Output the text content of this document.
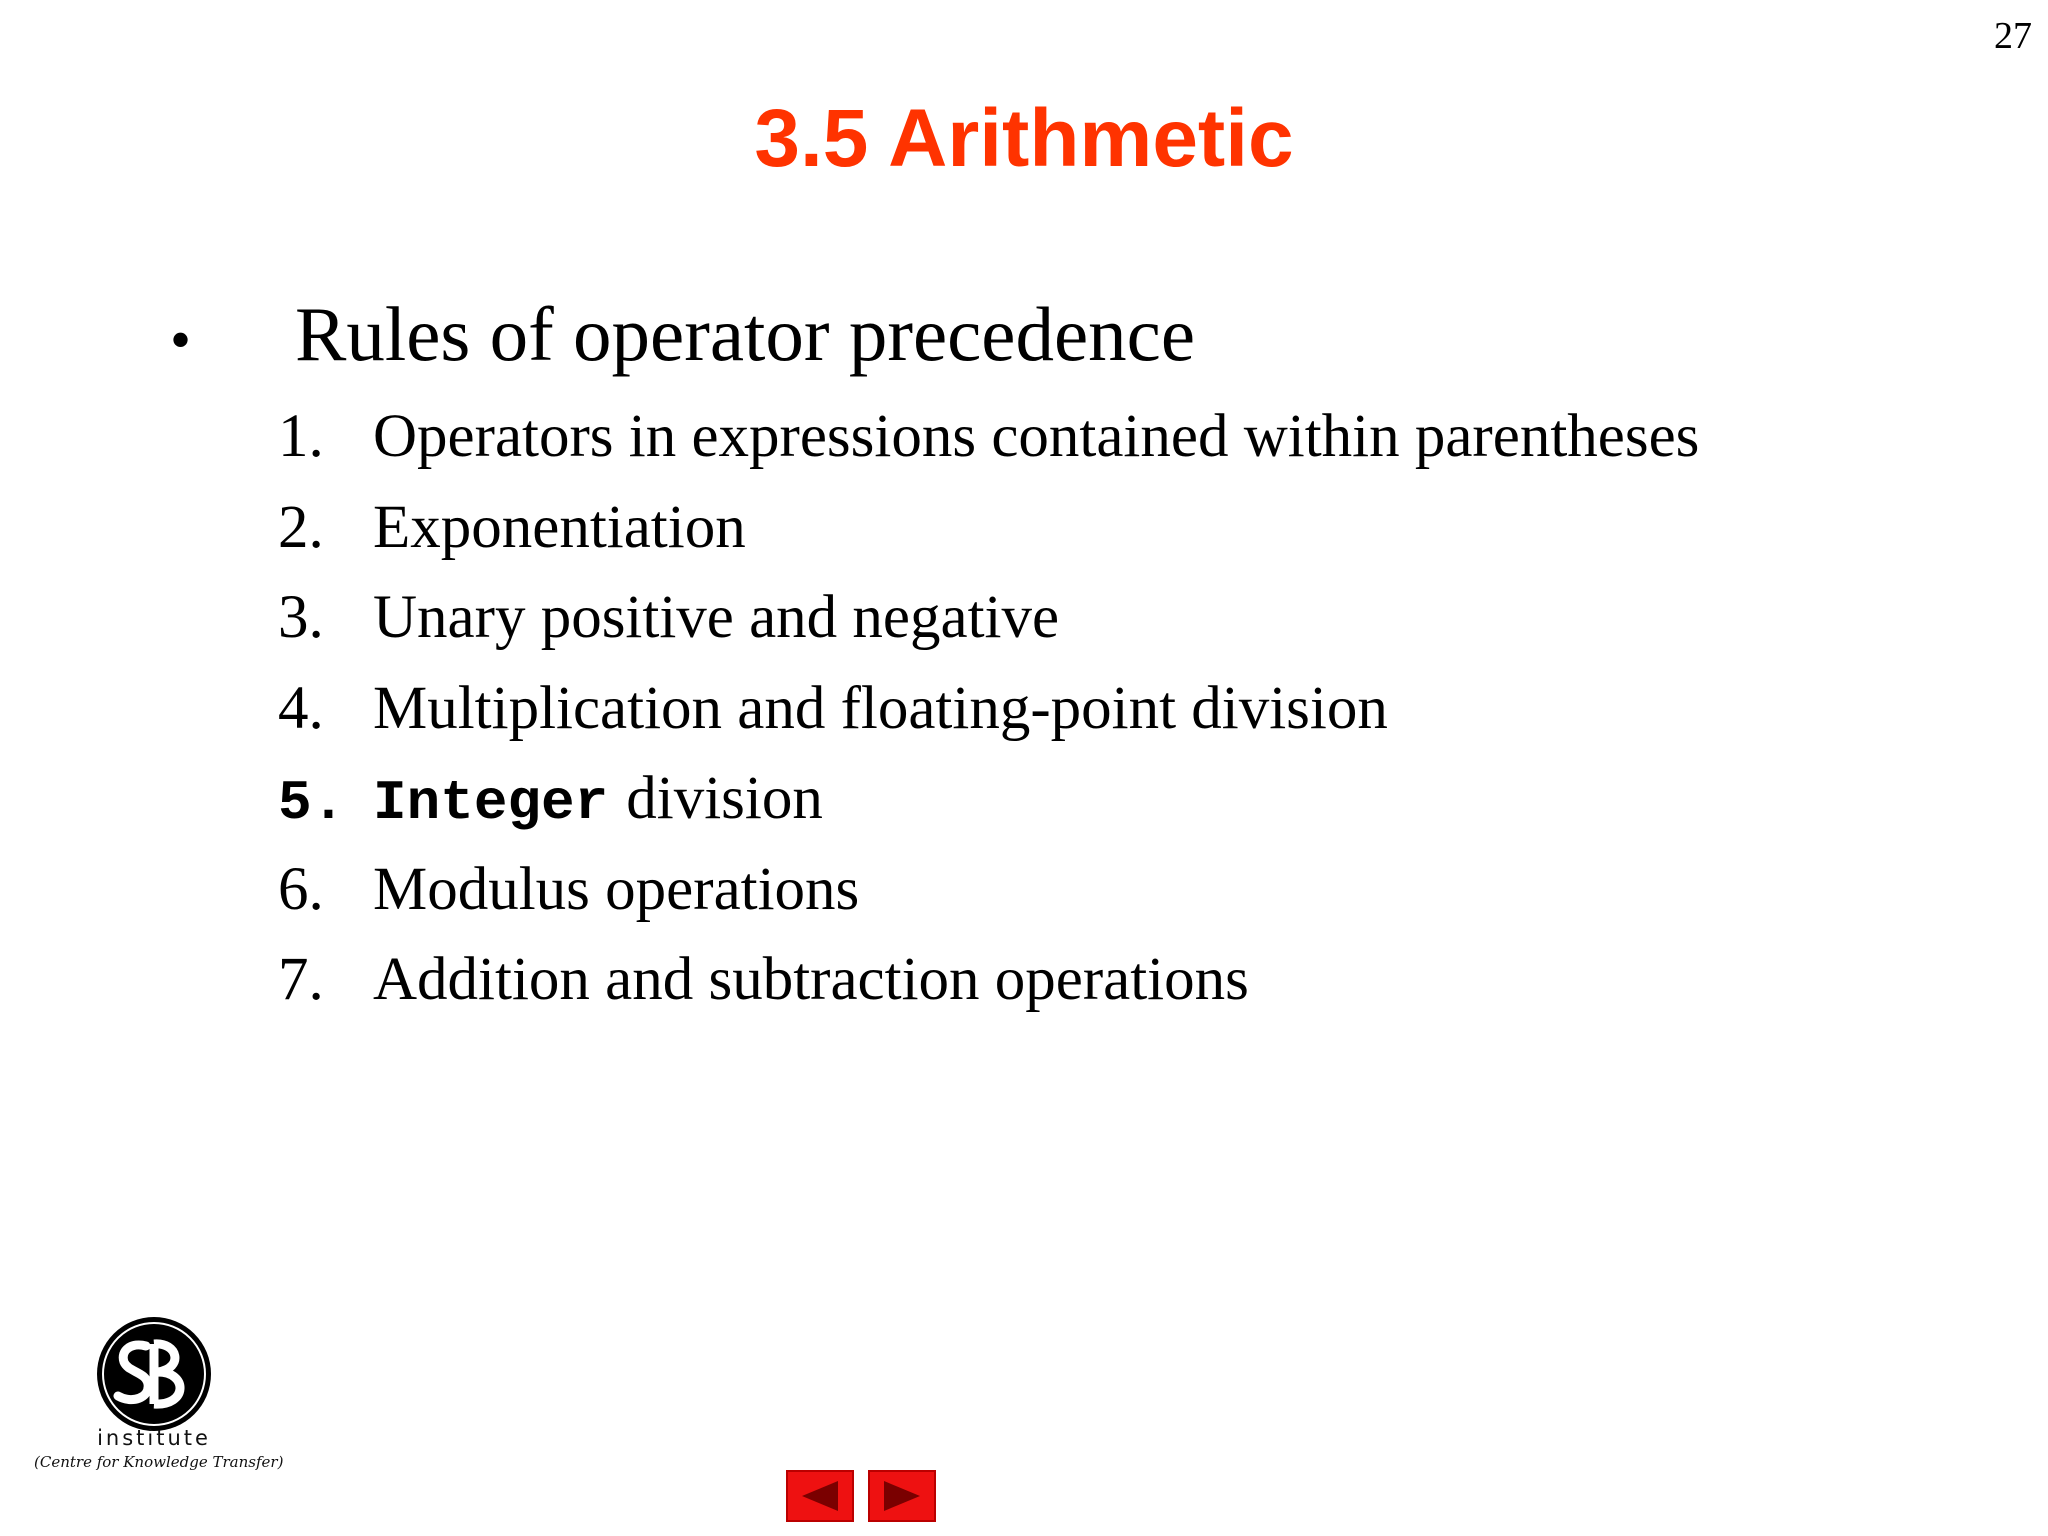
27
3.5 Arithmetic
•	Rules of operator precedence
1. Operators in expressions contained within parentheses
2. Exponentiation
3. Unary positive and negative
4. Multiplication and floating-point division
5. Integer division
6. Modulus operations
7. Addition and subtraction operations
institute
(Centre for Knowledge Transfer)
